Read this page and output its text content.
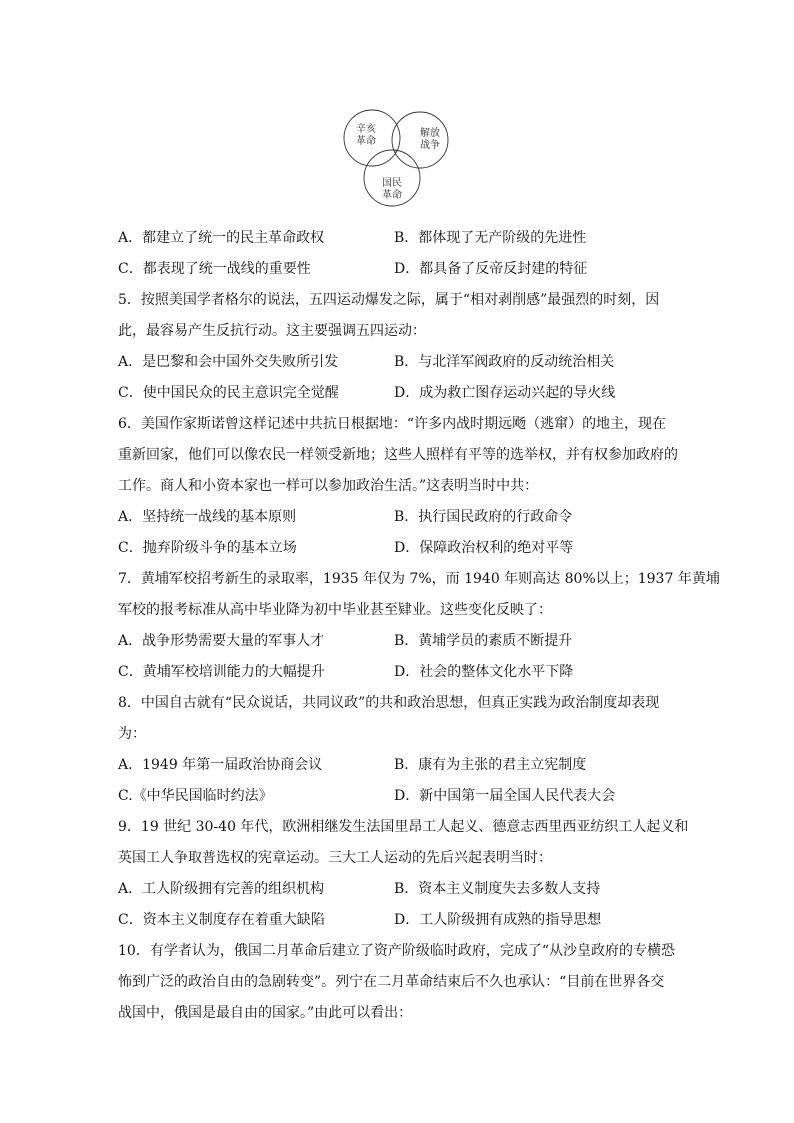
辛亥
革命
解放
战争
国民
革命
A．都建立了统一的民主革命政权	B．都体现了无产阶级的先进性
C．都表现了统一战线的重要性	D．都具备了反帝反封建的特征
5．按照美国学者格尔的说法，五四运动爆发之际，属于“相对剥削感”最强烈的时刻，因
此，最容易产生反抗行动。这主要强调五四运动：
A．是巴黎和会中国外交失败所引发	B．与北洋军阀政府的反动统治相关
C．使中国民众的民主意识完全觉醒	D．成为救亡图存运动兴起的导火线
6．美国作家斯诺曾这样记述中共抗日根据地：“许多内战时期远飏（逃窜）的地主，现在
重新回家，他们可以像农民一样领受新地；这些人照样有平等的选举权，并有权参加政府的
工作。商人和小资本家也一样可以参加政治生活。”这表明当时中共：
A．坚持统一战线的基本原则	B．执行国民政府的行政命令
C．抛弃阶级斗争的基本立场	D．保障政治权利的绝对平等
7．黄埔军校招考新生的录取率，1935 年仅为 7%，而 1940 年则高达 80%以上；1937 年黄埔
军校的报考标准从高中毕业降为初中毕业甚至肄业。这些变化反映了：
A．战争形势需要大量的军事人才	B．黄埔学员的素质不断提升
C．黄埔军校培训能力的大幅提升	D．社会的整体文化水平下降
8．中国自古就有“民众说话，共同议政”的共和政治思想，但真正实践为政治制度却表现
为：
A．1949 年第一届政治协商会议	B．康有为主张的君主立宪制度
C.《中华民国临时约法》	D．新中国第一届全国人民代表大会
9．19 世纪 30-40 年代，欧洲相继发生法国里昂工人起义、德意志西里西亚纺织工人起义和
英国工人争取普选权的宪章运动。三大工人运动的先后兴起表明当时：
A．工人阶级拥有完善的组织机构	B．资本主义制度失去多数人支持
C．资本主义制度存在着重大缺陷	D．工人阶级拥有成熟的指导思想
10．有学者认为，俄国二月革命后建立了资产阶级临时政府，完成了“从沙皇政府的专横恐
怖到广泛的政治自由的急剧转变”。列宁在二月革命结束后不久也承认：“目前在世界各交
战国中，俄国是最自由的国家。”由此可以看出：
